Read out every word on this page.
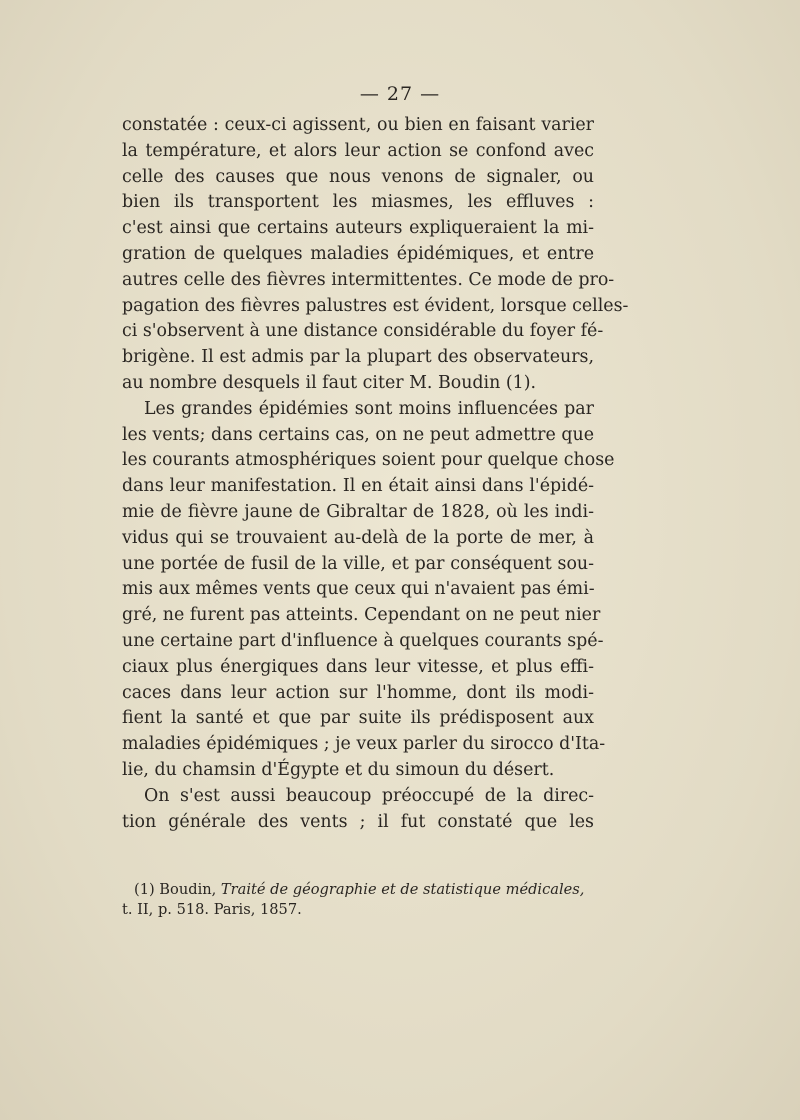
— 27 —
constatée : ceux-ci agissent, ou bien en faisant varier
la température, et alors leur action se confond avec
celle des causes que nous venons de signaler, ou
bien ils transportent les miasmes, les effluves :
c'est ainsi que certains auteurs expliqueraient la mi-
gration de quelques maladies épidémiques, et entre
autres celle des fièvres intermittentes. Ce mode de pro-
pagation des fièvres palustres est évident, lorsque celles-
ci s'observent à une distance considérable du foyer fé-
brigène. Il est admis par la plupart des observateurs,
au nombre desquels il faut citer M. Boudin (1).
Les grandes épidémies sont moins influencées par
les vents; dans certains cas, on ne peut admettre que
les courants atmosphériques soient pour quelque chose
dans leur manifestation. Il en était ainsi dans l'épidé-
mie de fièvre jaune de Gibraltar de 1828, où les indi-
vidus qui se trouvaient au-delà de la porte de mer, à
une portée de fusil de la ville, et par conséquent sou-
mis aux mêmes vents que ceux qui n'avaient pas émi-
gré, ne furent pas atteints. Cependant on ne peut nier
une certaine part d'influence à quelques courants spé-
ciaux plus énergiques dans leur vitesse, et plus effi-
caces dans leur action sur l'homme, dont ils modi-
fient la santé et que par suite ils prédisposent aux
maladies épidémiques ; je veux parler du sirocco d'Ita-
lie, du chamsin d'Égypte et du simoun du désert.
On s'est aussi beaucoup préoccupé de la direc-
tion générale des vents ; il fut constaté que les
(1) Boudin, Traité de géographie et de statistique médicales,
t. II, p. 518. Paris, 1857.
